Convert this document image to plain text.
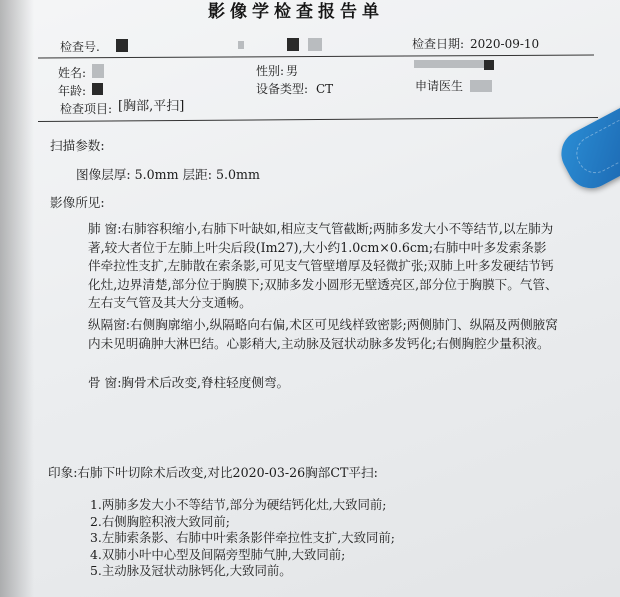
影像学检查报告单
检查号.	检查日期: 2020-09-10
姓名:	性别: 男
年龄:	设备类型: CT	申请医生
检查项目: [胸部,平扫]
扫描参数:
图像层厚: 5.0mm 层距: 5.0mm
影像所见:
肺 窗:右肺容积缩小,右肺下叶缺如,相应支气管截断;两肺多发大小不等结节,以左肺为著,较大者位于左肺上叶尖后段(Im27),大小约1.0cm×0.6cm;右肺中叶多发索条影伴牵拉性支扩,左肺散在索条影,可见支气管壁增厚及轻微扩张;双肺上叶多发硬结节钙化灶,边界清楚,部分位于胸膜下;双肺多发小圆形无壁透亮区,部分位于胸膜下。气管、左右支气管及其大分支通畅。
纵隔窗:右侧胸廓缩小,纵隔略向右偏,术区可见线样致密影;两侧肺门、纵隔及两侧腋窝内未见明确肿大淋巴结。心影稍大,主动脉及冠状动脉多发钙化;右侧胸腔少量积液。
骨 窗:胸骨术后改变,脊柱轻度侧弯。
印象:右肺下叶切除术后改变,对比2020-03-26胸部CT平扫:
1.两肺多发大小不等结节,部分为硬结钙化灶,大致同前;
2.右侧胸腔积液大致同前;
3.左肺索条影、右肺中叶索条影伴牵拉性支扩,大致同前;
4.双肺小叶中心型及间隔旁型肺气肿,大致同前;
5.主动脉及冠状动脉钙化,大致同前。
